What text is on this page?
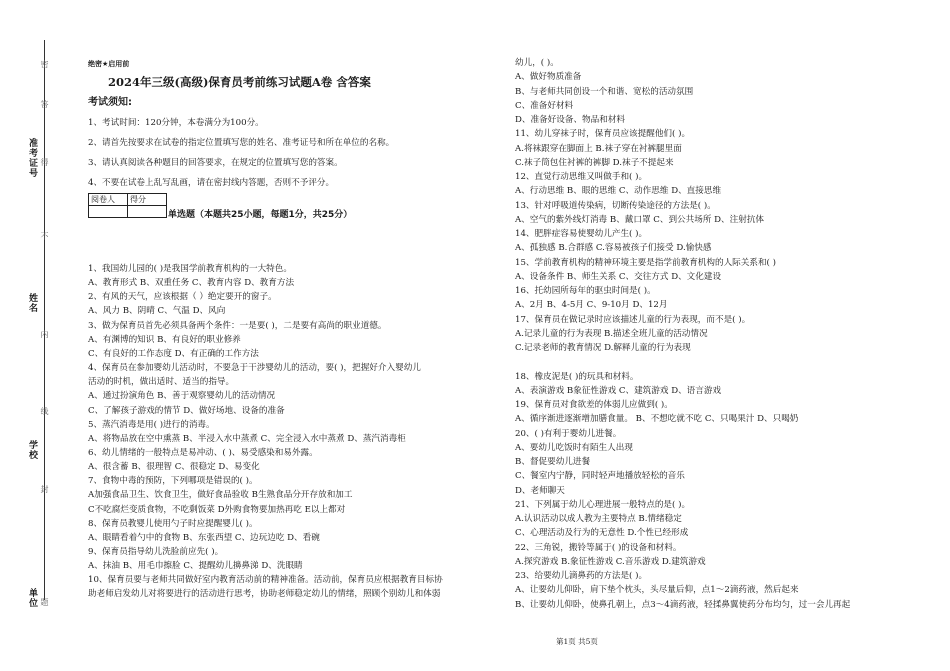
准考证号
姓名
学校
单位
密
封
线
内
不
得
答
题
绝密★启用前
2024年三级(高级)保育员考前练习试题A卷 含答案
考试须知:
1、考试时间：120分钟，本卷满分为100分。
2、请首先按要求在试卷的指定位置填写您的姓名、准考证号和所在单位的名称。
3、请认真阅读各种题目的回答要求，在规定的位置填写您的答案。
4、不要在试卷上乱写乱画，请在密封线内答题，否则不予评分。
阅卷人	得分

单选题（本题共25小题，每题1分，共25分）
1、我国幼儿园的( )是我国学前教育机构的一大特色。
A、教育形式 B、双重任务 C、教育内容 D、教育方法
2、有风的天气，应该根据（ ）绝定要开的窗子。
A、风力 B、阴晴 C、气温 D、风向
3、做为保育员首先必须具备两个条件：一是要( )，二是要有高尚的职业道德。
A、有渊博的知识 B、有良好的职业修养
C、有良好的工作态度 D、有正确的工作方法
4、保育员在参加婴幼儿活动时，不要急于干涉婴幼儿的活动，要( )，把握好介入婴幼儿
活动的时机，做出适时、适当的指导。
A、通过扮演角色 B、善于观察婴幼儿的活动情况
C、了解孩子游戏的情节 D、做好场地、设备的准备
5、蒸汽消毒是用( )进行的消毒。
A、将物品放在空中熏蒸 B、半浸入水中蒸煮 C、完全浸入水中蒸煮 D、蒸汽消毒柜
6、幼儿情绪的一般特点是易冲动、( )、易受感染和易外露。
A、很含蓄 B、很理智 C、很稳定 D、易变化
7、食物中毒的预防，下列哪项是错误的( )。
A加强食品卫生、饮食卫生，做好食品验收 B生熟食品分开存放和加工
C不吃腐烂变质食物，不吃剩饭菜 D外购食物要加热再吃 E以上都对
8、保育员教婴儿使用勺子时应提醒婴儿( )。
A、眼睛看着勺中的食物 B、东张西望 C、边玩边吃 D、看碗
9、保育员指导幼儿洗脸前应先( )。
A、抹油 B、用毛巾擦脸 C、提醒幼儿擤鼻涕 D、洗眼睛
10、保育员要与老师共同做好室内教育活动前的精神准备。活动前，保育员应根据教育目标协
助老师启发幼儿对将要进行的活动进行思考，协助老师稳定幼儿的情绪，照顾个别幼儿和体弱
幼儿，( )。
A、做好物质准备
B、与老师共同创设一个和谐、宽松的活动氛围
C、准备好材料
D、准备好设备、物品和材料
11、幼儿穿袜子时，保育员应该提醒他们( )。
A.将袜跟穿在脚面上 B.袜子穿在衬裤腿里面
C.袜子筒包住衬裤的裤脚 D.袜子不提起来
12、直觉行动思维又叫做手和( )。
A、行动思维 B、眼的思维 C、动作思维 D、直接思维
13、针对呼吸道传染病，切断传染途径的方法是( )。
A、空气的紫外线灯消毒 B、戴口罩 C、到公共场所 D、注射抗体
14、肥胖症容易使婴幼儿产生( )。
A、孤独感 B.合群感 C.容易被孩子们接受 D.愉快感
15、学前教育机构的精神环境主要是指学前教育机构的人际关系和( )
A、设备条件 B、师生关系 C、交往方式 D、文化建设
16、托幼园所每年的驱虫时间是( )。
A、2月 B、4-5月 C、9-10月 D、12月
17、保育员在做记录时应该描述儿童的行为表现，而不是( )。
A.记录儿童的行为表现 B.描述全班儿童的活动情况
C.记录老师的教育情况 D.解释儿童的行为表现
18、橡皮泥是( )的玩具和材料。
A、表演游戏 B象征性游戏 C、建筑游戏 D、语言游戏
19、保育员对食欲差的体弱儿应做到( )。
A、循序渐进逐渐增加膳食量。 B、不想吃就不吃 C、只喝果汁 D、只喝奶
20、( )有利于婴幼儿进餐。
A、要幼儿吃饭时有陌生人出现
B、督促要幼儿进餐
C、餐室内宁静，同时轻声地播放轻松的音乐
D、老师聊天
21、下列属于幼儿心理进展一般特点的是( )。
A.认识活动以成人教为主要特点 B.情绪稳定
C、心理活动及行为的无意性 D.个性已经形成
22、三角锐，搬铃等属于( )的设备和材料。
A.探究游戏 B.象征性游戏 C.音乐游戏 D.建筑游戏
23、给要幼儿滴鼻药的方法是( )。
A、让要幼儿仰卧，肩下垫个枕头，头尽量后仰，点1～2滴药液，然后起来
B、让要幼儿仰卧，使鼻孔朝上，点3～4滴药液，轻揉鼻翼使药分布均匀，过一会儿再起
第1页 共5页
